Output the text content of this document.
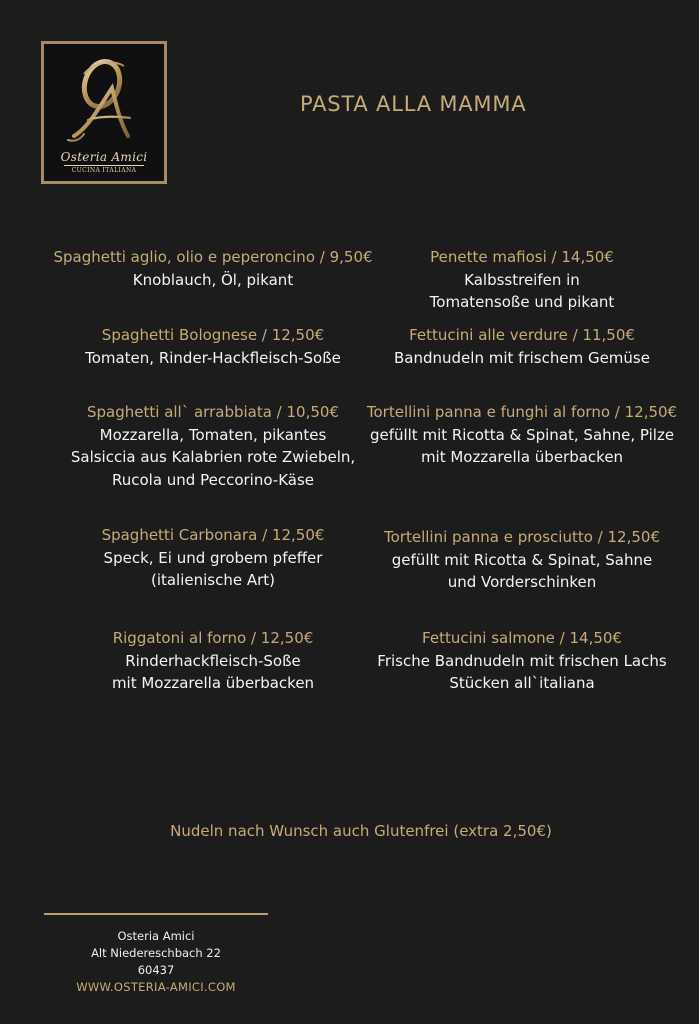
Osteria Amici
CUCINA ITALIANA
PASTA ALLA MAMMA
Spaghetti aglio, olio e peperoncino / 9,50€
Knoblauch, Öl, pikant
Spaghetti Bolognese / 12,50€
Tomaten, Rinder-Hackfleisch-Soße
Spaghetti all` arrabbiata / 10,50€
Mozzarella, Tomaten, pikantes
Salsiccia aus Kalabrien rote Zwiebeln,
Rucola und Peccorino-Käse
Spaghetti Carbonara / 12,50€
Speck, Ei und grobem pfeffer
(italienische Art)
Riggatoni al forno / 12,50€
Rinderhackfleisch-Soße
mit Mozzarella überbacken
Penette mafiosi / 14,50€
Kalbsstreifen in
Tomatensoße und pikant
Fettucini alle verdure / 11,50€
Bandnudeln mit frischem Gemüse
Tortellini panna e funghi al forno / 12,50€
gefüllt mit Ricotta & Spinat, Sahne, Pilze
mit Mozzarella überbacken
Tortellini panna e prosciutto / 12,50€
gefüllt mit Ricotta & Spinat, Sahne
und Vorderschinken
Fettucini salmone / 14,50€
Frische Bandnudeln mit frischen Lachs
Stücken all`italiana
Nudeln nach Wunsch auch Glutenfrei (extra 2,50€)
Osteria Amici
Alt Niedereschbach 22
60437
WWW.OSTERIA-AMICI.COM
